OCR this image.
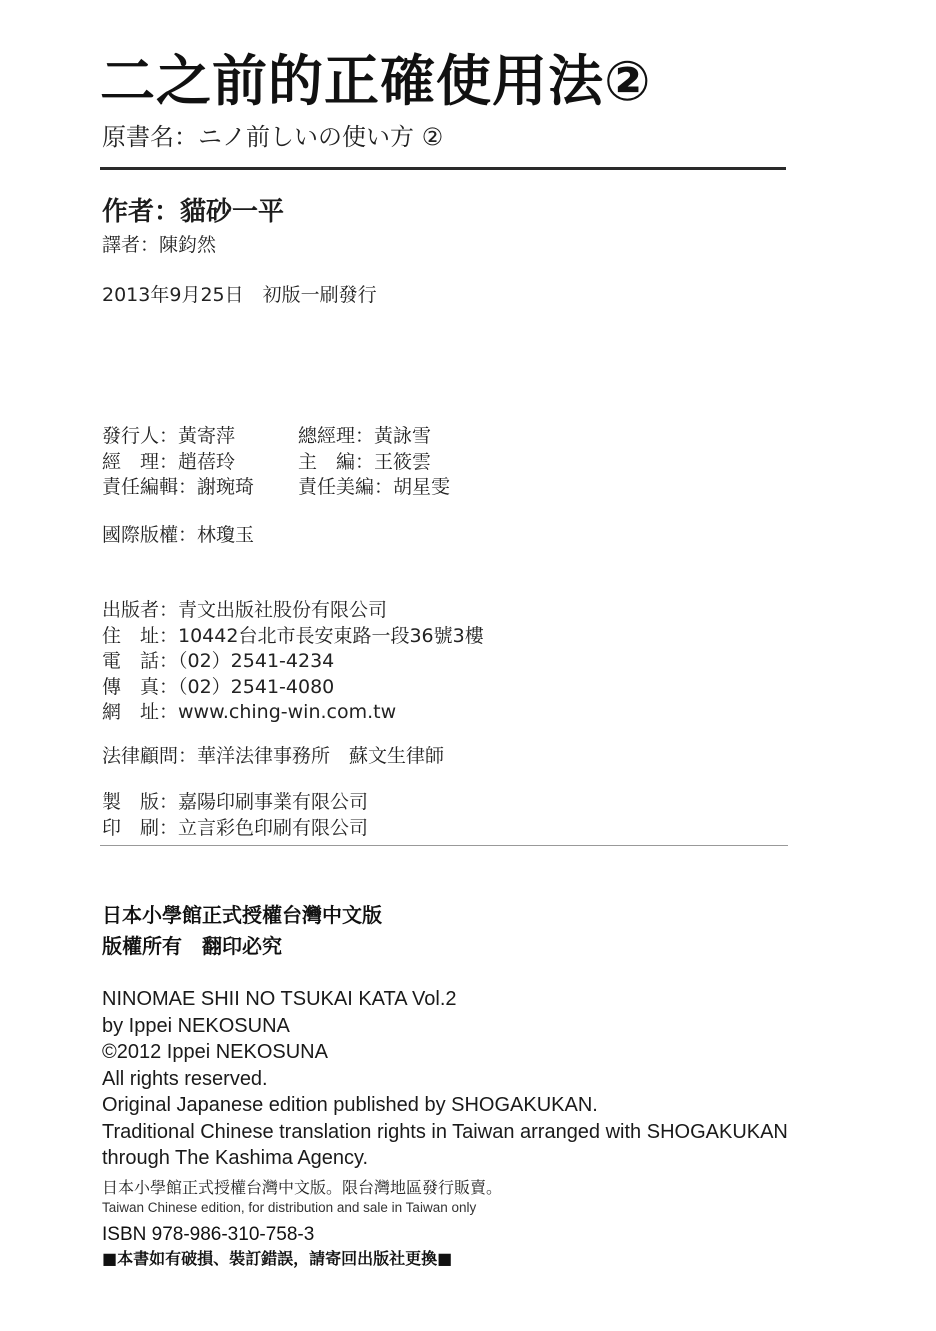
二之前的正確使用法②
原書名：ニノ前しいの使い方 ②
作者：貓砂一平
譯者：陳鈞然
2013年9月25日　初版一刷發行
發行人：黃寄萍
經　理：趙蓓玲
責任編輯：謝琬琦
總經理：黃詠雪
主　編：王筱雲
責任美編：胡星雯
國際版權：林瓊玉
出版者：青文出版社股份有限公司
住　址：10442台北市長安東路一段36號3樓
電　話：（02）2541-4234
傳　真：（02）2541-4080
網　址：www.ching-win.com.tw
法律顧問：華洋法律事務所　蘇文生律師
製　版：嘉陽印刷事業有限公司
印　刷：立言彩色印刷有限公司
日本小學館正式授權台灣中文版
版權所有　翻印必究
NINOMAE SHII NO TSUKAI KATA Vol.2
by Ippei NEKOSUNA
©2012 Ippei NEKOSUNA
All rights reserved.
Original Japanese edition published by SHOGAKUKAN.
Traditional Chinese translation rights in Taiwan arranged with SHOGAKUKAN
through The Kashima Agency.
日本小學館正式授權台灣中文版。限台灣地區發行販賣。
Taiwan Chinese edition, for distribution and sale in Taiwan only
ISBN 978-986-310-758-3
■本書如有破損、裝訂錯誤，請寄回出版社更換■
